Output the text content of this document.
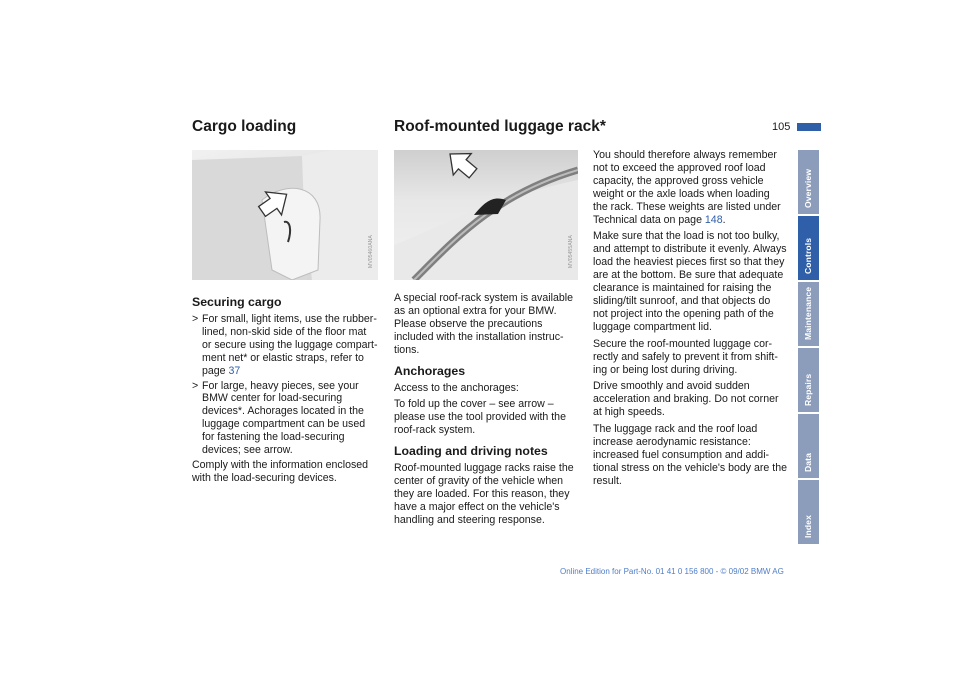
105
Cargo loading	Roof-mounted luggage rack*
MV05460ANA	MV05455ANA
Securing cargo
> For small, light items, use the rubber-lined, non-skid side of the floor mat or secure using the luggage compart-ment net* or elastic straps, refer to page 37
> For large, heavy pieces, see your BMW center for load-securing devices*. Achorages located in the luggage compartment can be used for fastening the load-securing devices; see arrow.

Comply with the information enclosed with the load-securing devices.

A special roof-rack system is available as an optional extra for your BMW. Please observe the precautions included with the installation instruc-tions.

Anchorages

Access to the anchorages:

To fold up the cover – see arrow – please use the tool provided with the roof-rack system.

Loading and driving notes

Roof-mounted luggage racks raise the center of gravity of the vehicle when they are loaded. For this reason, they have a major effect on the vehicle's handling and steering response.

You should therefore always remember not to exceed the approved roof load capacity, the approved gross vehicle weight or the axle loads when loading the rack. These weights are listed under Technical data on page 148.

Make sure that the load is not too bulky, and attempt to distribute it evenly. Always load the heaviest pieces first so that they are at the bottom. Be sure that adequate clearance is maintained for raising the sliding/tilt sunroof, and that objects do not project into the opening path of the luggage compartment lid.

Secure the roof-mounted luggage cor-rectly and safely to prevent it from shift-ing or being lost during driving.

Drive smoothly and avoid sudden acceleration and braking. Do not corner at high speeds.

The luggage rack and the roof load increase aerodynamic resistance: increased fuel consumption and addi-tional stress on the vehicle's body are the result.

Overview
Controls
Maintenance
Repairs
Data
Index
Online Edition for Part-No. 01 41 0 156 800 - © 09/02 BMW AG
